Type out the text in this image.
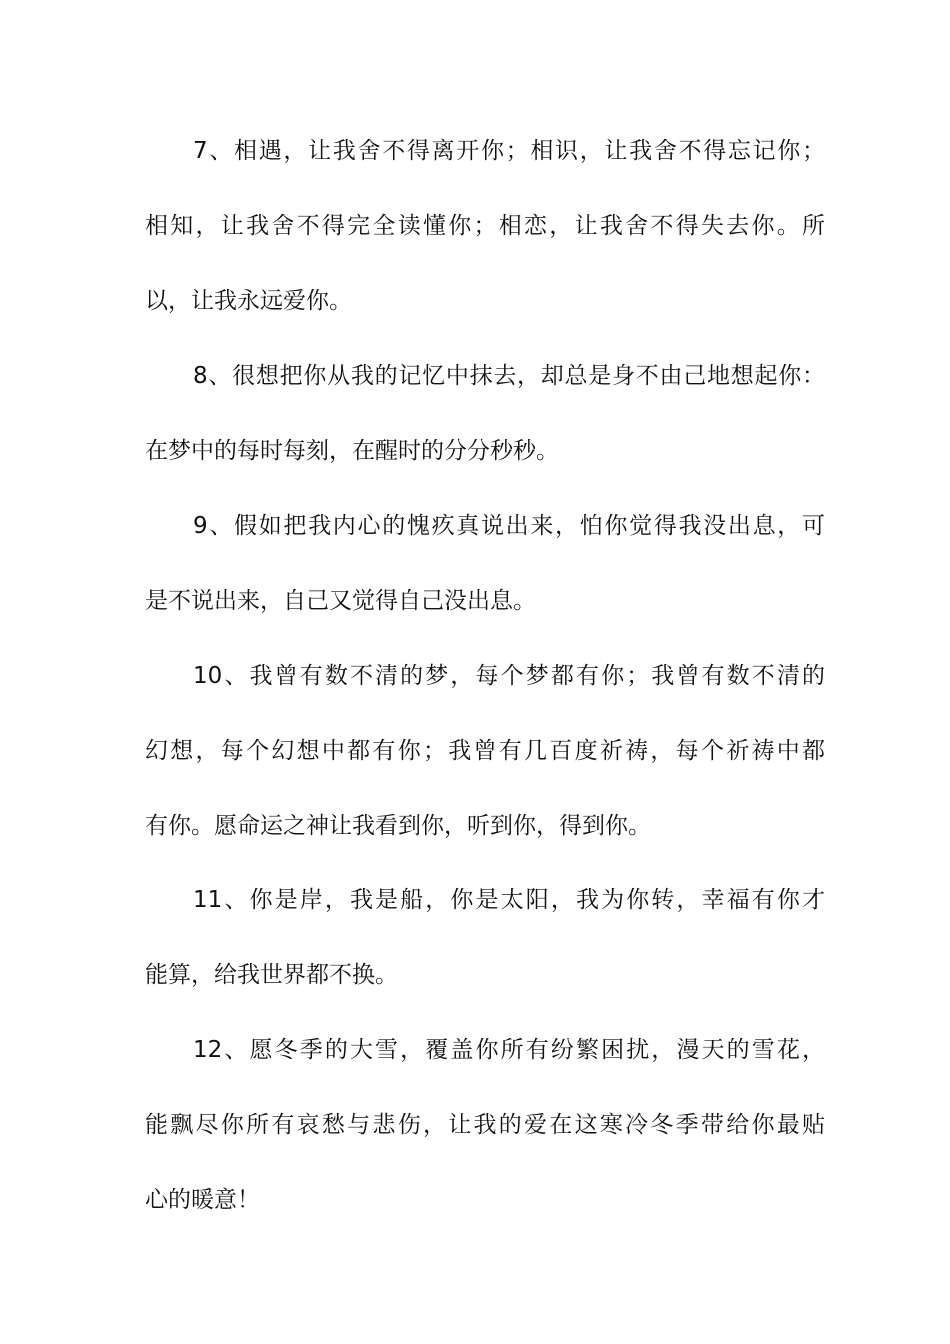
7、相遇，让我舍不得离开你；相识，让我舍不得忘记你；
相知，让我舍不得完全读懂你；相恋，让我舍不得失去你。所
以，让我永远爱你。
8、很想把你从我的记忆中抹去，却总是身不由己地想起你：
在梦中的每时每刻，在醒时的分分秒秒。
9、假如把我内心的愧疚真说出来，怕你觉得我没出息，可
是不说出来，自己又觉得自己没出息。
10、我曾有数不清的梦，每个梦都有你；我曾有数不清的
幻想，每个幻想中都有你；我曾有几百度祈祷，每个祈祷中都
有你。愿命运之神让我看到你，听到你，得到你。
11、你是岸，我是船，你是太阳，我为你转，幸福有你才
能算，给我世界都不换。
12、愿冬季的大雪，覆盖你所有纷繁困扰，漫天的雪花，
能飘尽你所有哀愁与悲伤，让我的爱在这寒冷冬季带给你最贴
心的暖意！
